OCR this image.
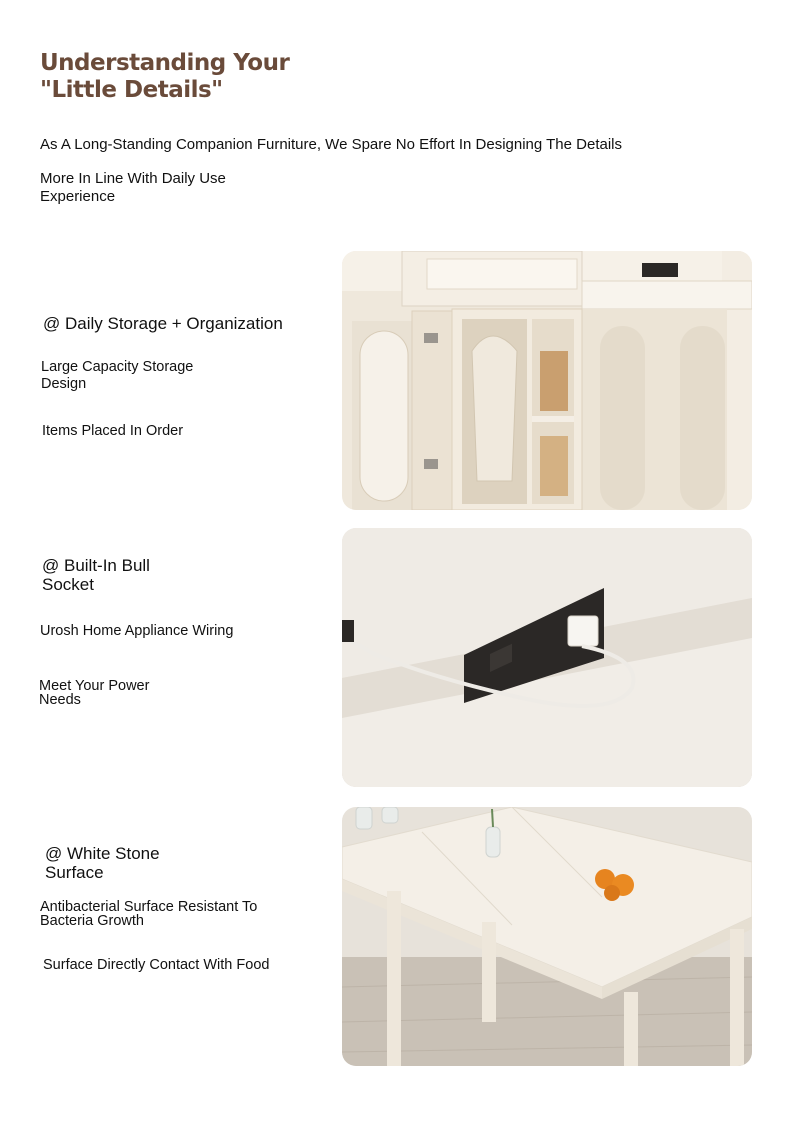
Understanding Your "Little Details"
As A Long-Standing Companion Furniture, We Spare No Effort In Designing The Details
More In Line With Daily Use Experience
@ Daily Storage + Organization
Large Capacity Storage Design
Items Placed In Order
@ Built-In Bull Socket
Urosh Home Appliance Wiring
Meet Your Power Needs
@ White Stone Surface
Antibacterial Surface Resistant To Bacteria Growth
Surface Directly Contact With Food
